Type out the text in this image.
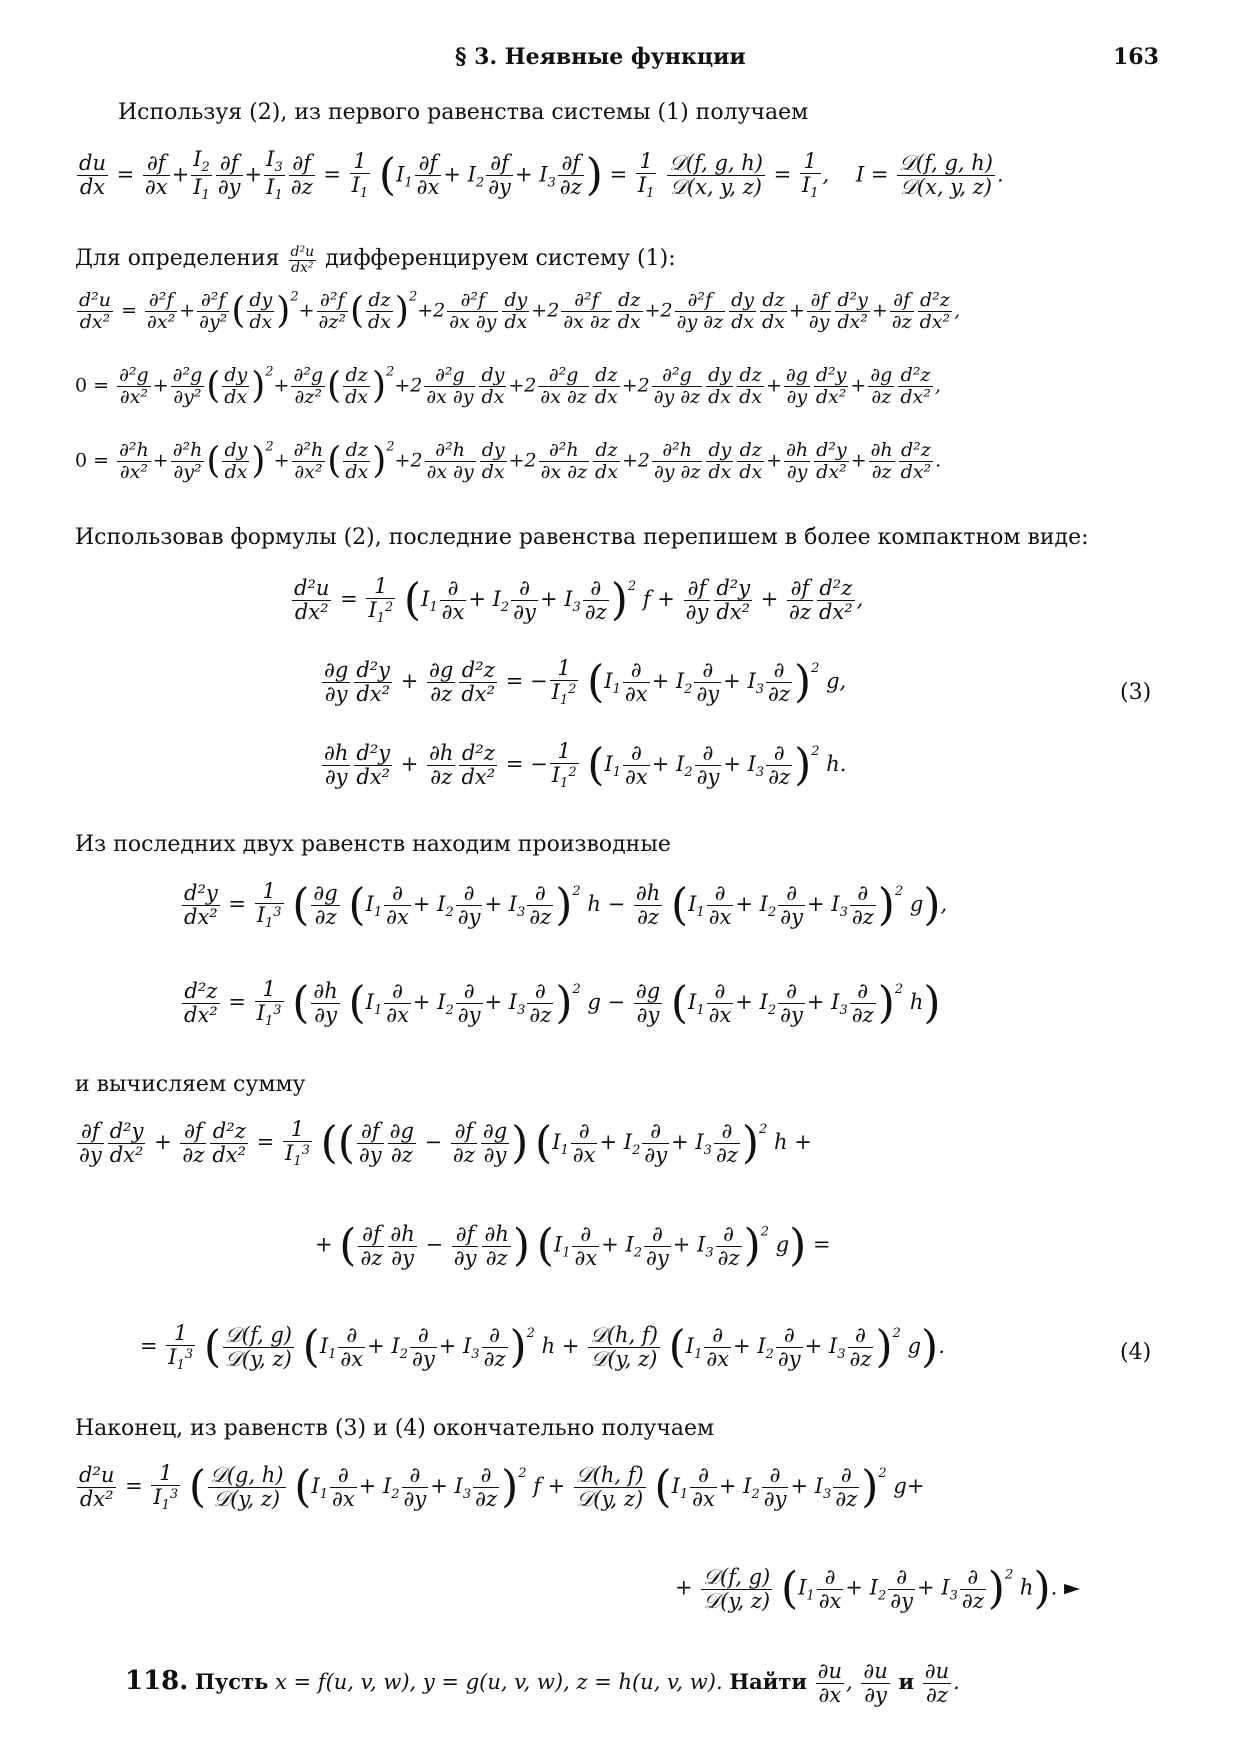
§ 3. Неявные функции	163
Используя (2), из первого равенства системы (1) получаем
$\frac{du}{dx} = \frac{\partial f}{\partial x} + \frac{I_2}{I_1} \frac{\partial f}{\partial y} + \frac{I_3}{I_1} \frac{\partial f}{\partial z} = \frac{1}{I_1} (I_1 \frac{\partial f}{\partial x} + I_2 \frac{\partial f}{\partial y} + I_3 \frac{\partial f}{\partial z}$ ) = $\frac{1}{I_1}$
$\frac{\text{𝒟(f, g, h)}}{\text{𝒟(x, y, z)}} = \frac{1}{I_1}$ ,    $I = \frac{\text{𝒟(f, g, h)}}{\text{𝒟(x, y, z)}}$ .
Для определения $\frac{\text{d²u}}{\text{dx²}}$ дифференцируем систему (1):
$\frac{\text{d²u}}{\text{dx²}} = \frac{\text{∂²f}}{\text{∂x²}} + \frac{\text{∂²f}}{\text{∂y²}}$ ( $\frac{dy}{dx} )^2+ \frac{\text{∂²f}}{\text{∂z²}}$ ( $\frac{dz}{dx} )^2+2 \frac{\text{∂²f}}{\partial x \partial y} \frac{dy}{dx} +2 \frac{\text{∂²f}}{\partial x \partial z} \frac{dz}{dx} +2 \frac{\text{∂²f}}{\partial y \partial z} \frac{dy}{dx} \frac{dz}{dx} + \frac{\partial f}{\partial y} \frac{\text{d²y}}{\text{dx²}} + \frac{\partial f}{\partial z} \frac{\text{d²z}}{\text{dx²}}$ ,
$0 = \frac{\text{∂²g}}{\text{∂x²}} + \frac{\text{∂²g}}{\text{∂y²}}$ ( $\frac{dy}{dx} )^2+ \frac{\text{∂²g}}{\text{∂z²}}$ ( $\frac{dz}{dx} )^2+2 \frac{\text{∂²g}}{\partial x \partial y} \frac{dy}{dx} +2 \frac{\text{∂²g}}{\partial x \partial z} \frac{dz}{dx} +2 \frac{\text{∂²g}}{\partial y \partial z} \frac{dy}{dx} \frac{dz}{dx} + \frac{\partial g}{\partial y} \frac{\text{d²y}}{\text{dx²}} + \frac{\partial g}{\partial z} \frac{\text{d²z}}{\text{dx²}}$ ,
$0 = \frac{\text{∂²h}}{\text{∂x²}} + \frac{\text{∂²h}}{\text{∂y²}}$ ( $\frac{dy}{dx} )^2+ \frac{\text{∂²h}}{\text{∂x²}}$ ( $\frac{dz}{dx} )^2+2 \frac{\text{∂²h}}{\partial x \partial y} \frac{dy}{dx} +2 \frac{\text{∂²h}}{\partial x \partial z} \frac{dz}{dx} +2 \frac{\text{∂²h}}{\partial y \partial z} \frac{dy}{dx} \frac{dz}{dx} + \frac{\partial h}{\partial y} \frac{\text{d²y}}{\text{dx²}} + \frac{\partial h}{\partial z} \frac{\text{d²z}}{\text{dx²}}$ .
Использовав формулы (2), последние равенства перепишем в более компактном виде:
$\frac{\text{d²u}}{\text{dx²}} = \frac{1}{I_1^2} (I_1 \frac{\partial}{\partial x} + I_2 \frac{\partial}{\partial y} + I_3 \frac{\partial}{\partial z} )^2$ $f + \frac{\partial f}{\partial y} \frac{\text{d²y}}{\text{dx²}} + \frac{\partial f}{\partial z} \frac{\text{d²z}}{\text{dx²}}$ ,
$\frac{\partial g}{\partial y} \frac{\text{d²y}}{\text{dx²}} + \frac{\partial g}{\partial z} \frac{\text{d²z}}{\text{dx²}}$ = − $\frac{1}{I_1^2} (I_1 \frac{\partial}{\partial x} + I_2 \frac{\partial}{\partial y} + I_3 \frac{\partial}{\partial z} )^2$ g,	(3)
$\frac{\partial h}{\partial y} \frac{\text{d²y}}{\text{dx²}} + \frac{\partial h}{\partial z} \frac{\text{d²z}}{\text{dx²}}$ = − $\frac{1}{I_1^2} (I_1 \frac{\partial}{\partial x} + I_2 \frac{\partial}{\partial y} + I_3 \frac{\partial}{\partial z} )^2$ h.
Из последних двух равенств находим производные
$\frac{\text{d²y}}{\text{dx²}} = \frac{1}{I_1^3}$ ( $\frac{\partial g}{\partial z} (I_1 \frac{\partial}{\partial x} + I_2 \frac{\partial}{\partial y} + I_3 \frac{\partial}{\partial z} )^2$ $h - \frac{\partial h}{\partial z} (I_1 \frac{\partial}{\partial x} + I_2 \frac{\partial}{\partial y} + I_3 \frac{\partial}{\partial z} )^2$ g),
$\frac{\text{d²z}}{\text{dx²}} = \frac{1}{I_1^3}$ ( $\frac{\partial h}{\partial y} (I_1 \frac{\partial}{\partial x} + I_2 \frac{\partial}{\partial y} + I_3 \frac{\partial}{\partial z} )^2$ $g - \frac{\partial g}{\partial y} (I_1 \frac{\partial}{\partial x} + I_2 \frac{\partial}{\partial y} + I_3 \frac{\partial}{\partial z} )^2$ h)
и вычисляем сумму
$\frac{\partial f}{\partial y} \frac{\text{d²y}}{\text{dx²}} + \frac{\partial f}{\partial z} \frac{\text{d²z}}{\text{dx²}} = \frac{1}{I_1^3}$ (( $\frac{\partial f}{\partial y} \frac{\partial g}{\partial z} - \frac{\partial f}{\partial z} \frac{\partial g}{\partial y}$ ) $(I_1 \frac{\partial}{\partial x} + I_2 \frac{\partial}{\partial y} + I_3 \frac{\partial}{\partial z} )^2$ h +
+ ( $\frac{\partial f}{\partial z} \frac{\partial h}{\partial y} - \frac{\partial f}{\partial y} \frac{\partial h}{\partial z}$ ) $(I_1 \frac{\partial}{\partial x} + I_2 \frac{\partial}{\partial y} + I_3 \frac{\partial}{\partial z} )^2$ g) =
= $\frac{1}{I_1^3}$ ( $\frac{\text{𝒟(f, g)}}{\text{𝒟(y, z)}} (I_1 \frac{\partial}{\partial x} + I_2 \frac{\partial}{\partial y} + I_3 \frac{\partial}{\partial z} )^2$ $h + \frac{\text{𝒟(h, f)}}{\text{𝒟(y, z)}} (I_1 \frac{\partial}{\partial x} + I_2 \frac{\partial}{\partial y} + I_3 \frac{\partial}{\partial z} )^2$ g).	(4)
Наконец, из равенств (3) и (4) окончательно получаем
$\frac{\text{d²u}}{\text{dx²}} = \frac{1}{I_1^3}$ ( $\frac{\text{𝒟(g, h)}}{\text{𝒟(y, z)}} (I_1 \frac{\partial}{\partial x} + I_2 \frac{\partial}{\partial y} + I_3 \frac{\partial}{\partial z} )^2$ $f + \frac{\text{𝒟(h, f)}}{\text{𝒟(y, z)}} (I_1 \frac{\partial}{\partial x} + I_2 \frac{\partial}{\partial y} + I_3 \frac{\partial}{\partial z} )^2$ g+
+ $\frac{\text{𝒟(f, g)}}{\text{𝒟(y, z)}} (I_1 \frac{\partial}{\partial x} + I_2 \frac{\partial}{\partial y} + I_3 \frac{\partial}{\partial z} )^2$ h). ►
118. Пусть x = f(u, v, w), y = g(u, v, w), z = h(u, v, w). Найти $\frac{\partial u}{\partial x}$ , $\frac{\partial u}{\partial y}$ и $\frac{\partial u}{\partial z}$ .
